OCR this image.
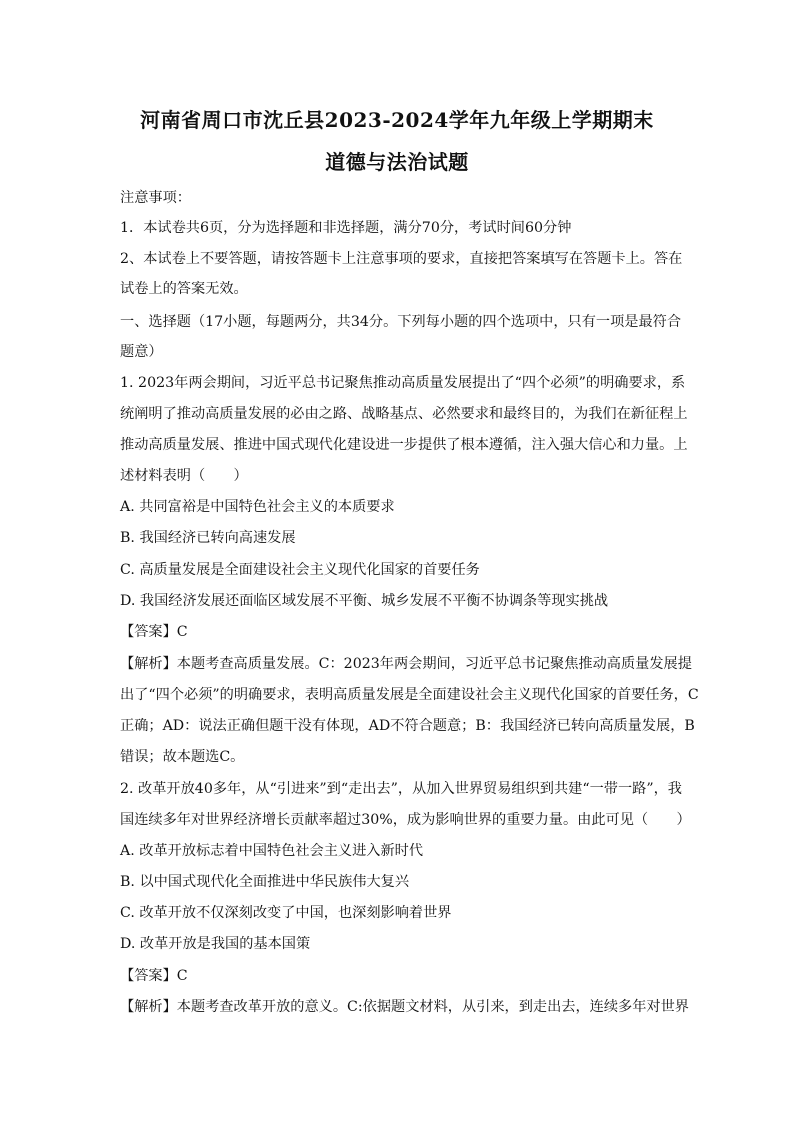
河南省周口市沈丘县2023-2024学年九年级上学期期末
道德与法治试题
注意事项：
1．本试卷共6页，分为选择题和非选择题，满分70分，考试时间60分钟
2、本试卷上不要答题，请按答题卡上注意事项的要求，直接把答案填写在答题卡上。答在
试卷上的答案无效。
一、选择题（17小题，每题两分，共34分。下列每小题的四个选项中，只有一项是最符合
题意）
1. 2023年两会期间，习近平总书记聚焦推动高质量发展提出了“四个必须”的明确要求，系
统阐明了推动高质量发展的必由之路、战略基点、必然要求和最终目的，为我们在新征程上
推动高质量发展、推进中国式现代化建设进一步提供了根本遵循，注入强大信心和力量。上
述材料表明（　　）
A. 共同富裕是中国特色社会主义的本质要求
B. 我国经济已转向高速发展
C. 高质量发展是全面建设社会主义现代化国家的首要任务
D. 我国经济发展还面临区域发展不平衡、城乡发展不平衡不协调条等现实挑战
【答案】C
【解析】本题考查高质量发展。C：2023年两会期间，习近平总书记聚焦推动高质量发展提
出了“四个必须”的明确要求，表明高质量发展是全面建设社会主义现代化国家的首要任务，C
正确；AD：说法正确但题干没有体现，AD不符合题意；B：我国经济已转向高质量发展，B
错误；故本题选C。
2. 改革开放40多年，从“引进来”到“走出去”，从加入世界贸易组织到共建“一带一路”，我
国连续多年对世界经济增长贡献率超过30%，成为影响世界的重要力量。由此可见（　　）
A. 改革开放标志着中国特色社会主义进入新时代
B. 以中国式现代化全面推进中华民族伟大复兴
C. 改革开放不仅深刻改变了中国，也深刻影响着世界
D. 改革开放是我国的基本国策
【答案】C
【解析】本题考查改革开放的意义。C:依据题文材料，从引来，到走出去，连续多年对世界
